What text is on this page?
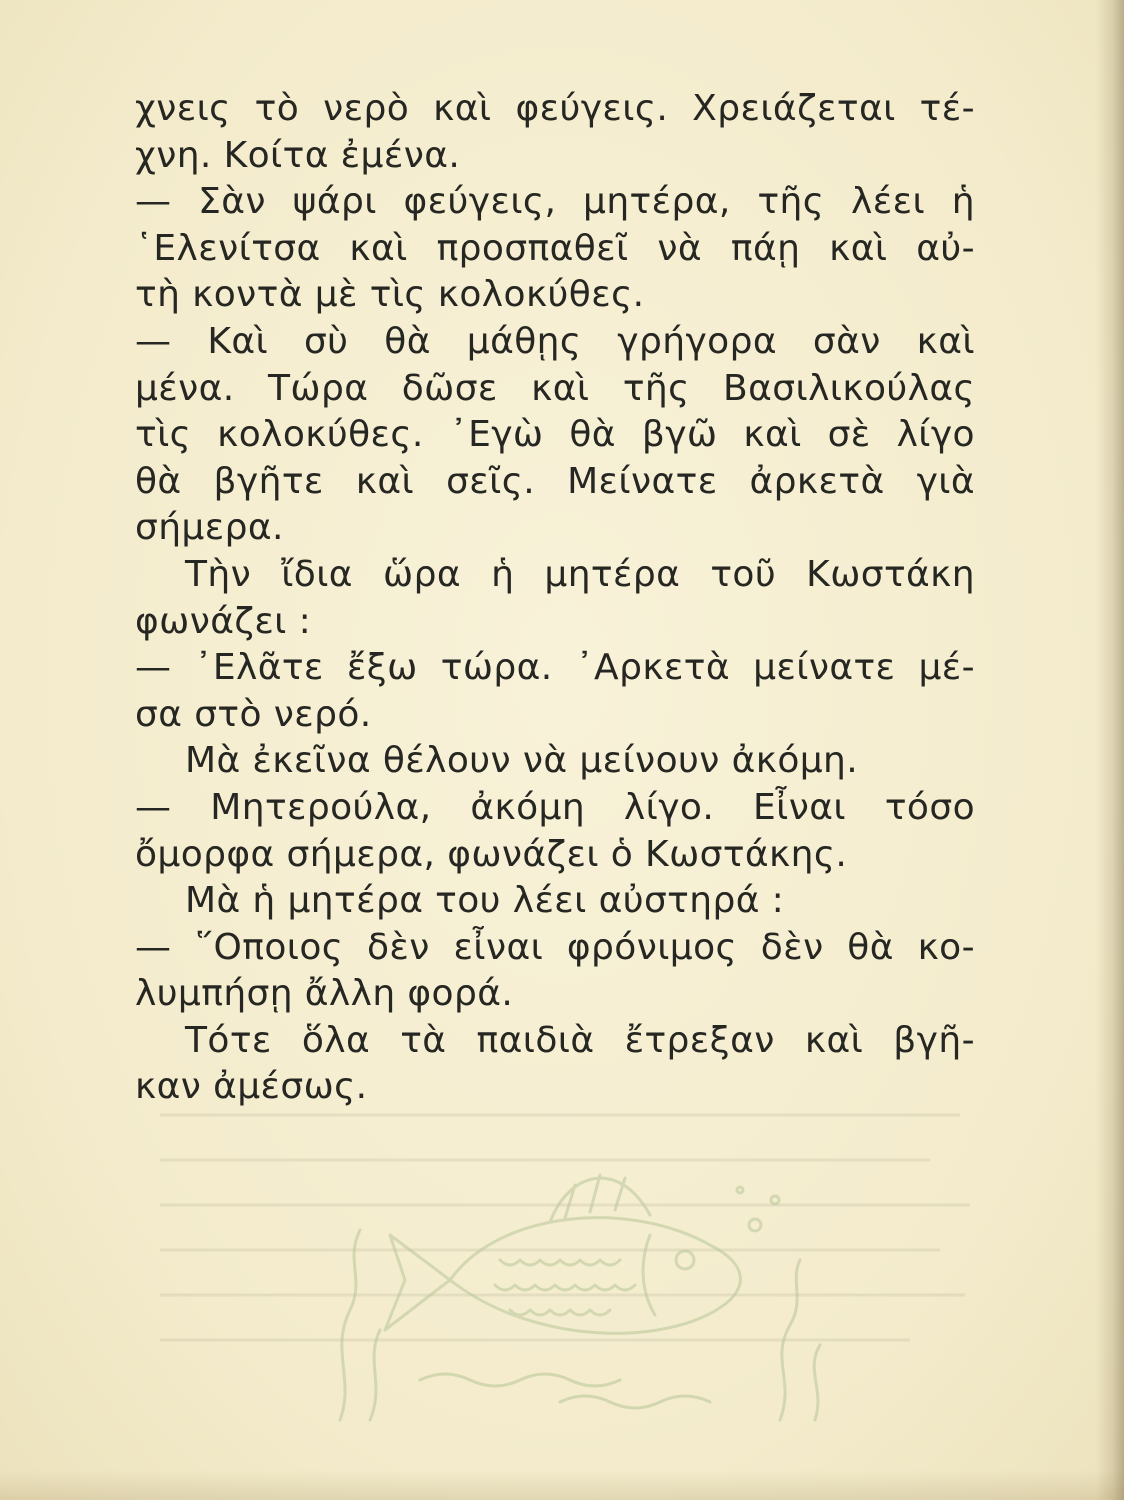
χνεις τὸ νερὸ καὶ φεύγεις. Χρειάζεται τέ-
χνη. Κοίτα ἐμένα.
— Σὰν ψάρι φεύγεις, μητέρα, τῆς λέει ἡ
῾Ελενίτσα καὶ προσπαθεῖ νὰ πάῃ καὶ αὐ-
τὴ κοντὰ μὲ τὶς κολοκύθες.
— Καὶ σὺ θὰ μάθῃς γρήγορα σὰν καὶ
μένα. Τώρα δῶσε καὶ τῆς Βασιλικούλας
τὶς κολοκύθες. ᾿Εγὼ θὰ βγῶ καὶ σὲ λίγο
θὰ βγῆτε καὶ σεῖς. Μείνατε ἀρκετὰ γιὰ
σήμερα.
Τὴν ἴδια ὥρα ἡ μητέρα τοῦ Κωστάκη
φωνάζει :
— ᾿Ελᾶτε ἔξω τώρα. ᾿Αρκετὰ μείνατε μέ-
σα στὸ νερό.
Μὰ ἐκεῖνα θέλουν νὰ μείνουν ἀκόμη.
— Μητερούλα, ἀκόμη λίγο. Εἶναι τόσο
ὄμορφα σήμερα, φωνάζει ὁ Κωστάκης.
Μὰ ἡ μητέρα του λέει αὐστηρά :
— ῞Οποιος δὲν εἶναι φρόνιμος δὲν θὰ κο-
λυμπήσῃ ἄλλη φορά.
Τότε ὅλα τὰ παιδιὰ ἔτρεξαν καὶ βγῆ-
καν ἀμέσως.
